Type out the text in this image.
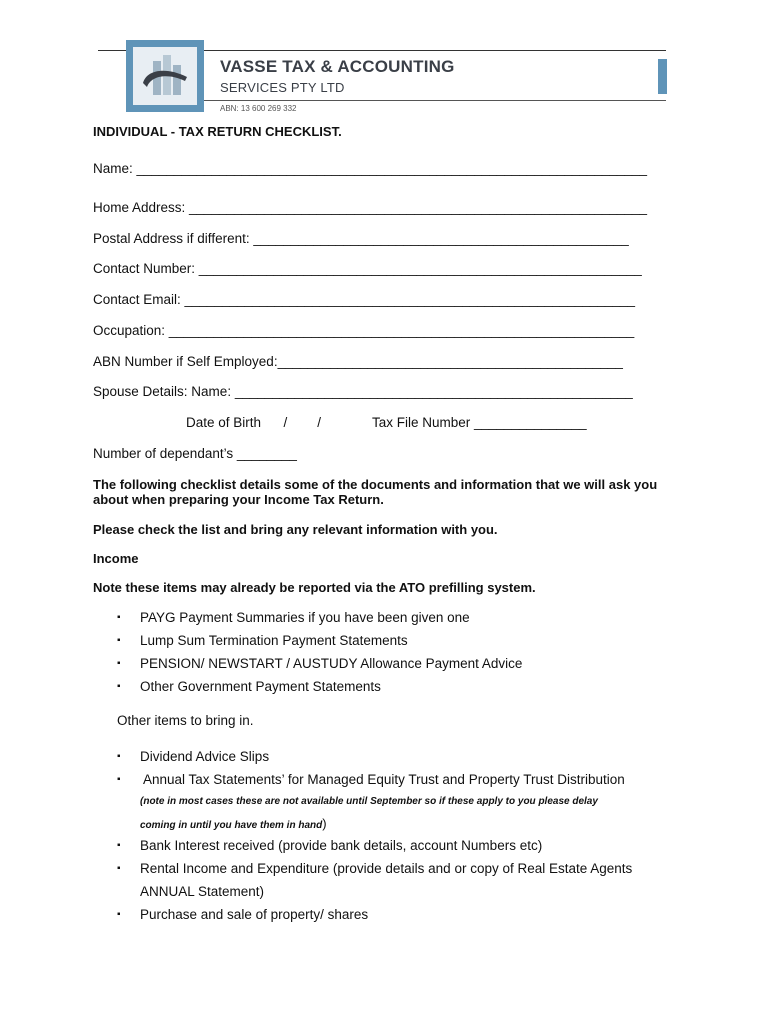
VASSE TAX & ACCOUNTING
SERVICES PTY LTD
ABN: 13 600 269 332
INDIVIDUAL - TAX RETURN CHECKLIST.
Name: ____________________________________________________________________
Home Address: _____________________________________________________________
Postal Address if different: __________________________________________________
Contact Number: ___________________________________________________________
Contact Email: ____________________________________________________________
Occupation: ______________________________________________________________
ABN Number if Self Employed:______________________________________________
Spouse Details: Name: _____________________________________________________
Date of Birth      /        /	Tax File Number _______________
Number of dependant’s ________
The following checklist details some of the documents and information that we will ask you about when preparing your Income Tax Return.
Please check the list and bring any relevant information with you.
Income
Note these items may already be reported via the ATO prefilling system.
▪ PAYG Payment Summaries if you have been given one
▪ Lump Sum Termination Payment Statements
▪ PENSION/ NEWSTART / AUSTUDY Allowance Payment Advice
▪ Other Government Payment Statements
Other items to bring in.
▪ Dividend Advice Slips
▪ Annual Tax Statements’ for Managed Equity Trust and Property Trust Distribution
(note in most cases these are not available until September so if these apply to you please delay
coming in until you have them in hand)
▪ Bank Interest received (provide bank details, account Numbers etc)
▪ Rental Income and Expenditure (provide details and or copy of Real Estate Agents
ANNUAL Statement)
▪ Purchase and sale of property/ shares
